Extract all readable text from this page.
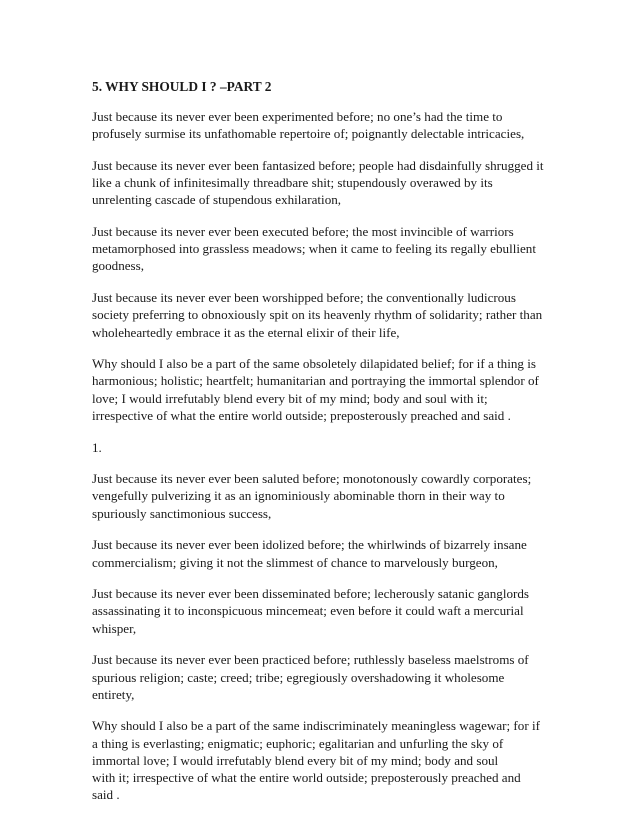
5. WHY SHOULD I ? –PART 2
Just because its never ever been experimented before; no one’s had the time to
profusely surmise its unfathomable repertoire of; poignantly delectable intricacies,
Just because its never ever been fantasized before; people had disdainfully shrugged it
like a chunk of infinitesimally threadbare shit; stupendously overawed by its
unrelenting cascade of stupendous exhilaration,
Just because its never ever been executed before; the most invincible of warriors
metamorphosed into grassless meadows; when it came to feeling its regally ebullient
goodness,
Just because its never ever been worshipped before; the conventionally ludicrous
society preferring to obnoxiously spit on its heavenly rhythm of solidarity; rather than
wholeheartedly embrace it as the eternal elixir of their life,
Why should I also be a part of the same obsoletely dilapidated belief; for if a thing is
harmonious; holistic; heartfelt; humanitarian and portraying the immortal splendor of
love; I would irrefutably blend every bit of my mind; body and soul with it;
irrespective of what the entire world outside; preposterously preached and said .
1.
Just because its never ever been saluted before; monotonously cowardly corporates;
vengefully pulverizing it as an ignominiously abominable thorn in their way to
spuriously sanctimonious success,
Just because its never ever been idolized before; the whirlwinds of bizarrely insane
commercialism; giving it not the slimmest of chance to marvelously burgeon,
Just because its never ever been disseminated before; lecherously satanic ganglords
assassinating it to inconspicuous mincemeat; even before it could waft a mercurial
whisper,
Just because its never ever been practiced before; ruthlessly baseless maelstroms of
spurious religion; caste; creed; tribe; egregiously overshadowing it wholesome
entirety,
Why should I also be a part of the same indiscriminately meaningless wagewar; for if
a thing is everlasting; enigmatic; euphoric; egalitarian and unfurling the sky of
immortal love; I would irrefutably blend every bit of my mind; body and soul
with it; irrespective of what the entire world outside; preposterously preached and
said .
